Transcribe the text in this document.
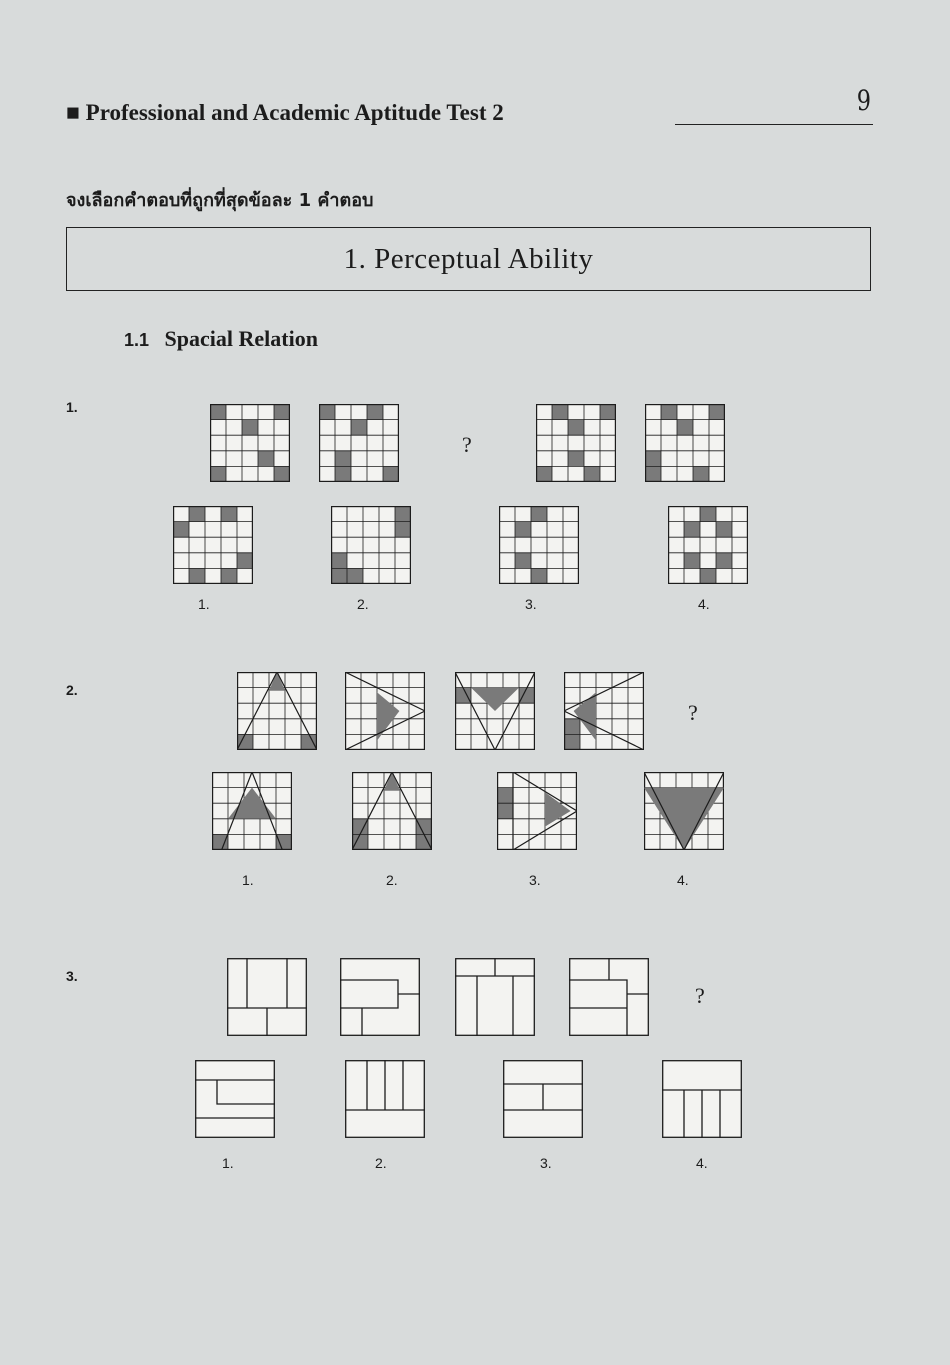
■ Professional and Academic Aptitude Test 2	9
จงเลือกคำตอบที่ถูกที่สุดข้อละ 1 คำตอบ
1. Perceptual Ability
1.1 Spacial Relation
1.
?
1.	2.	3.	4.
2.
?
1.	2.	3.	4.
3.
?
1.	2.	3.	4.
